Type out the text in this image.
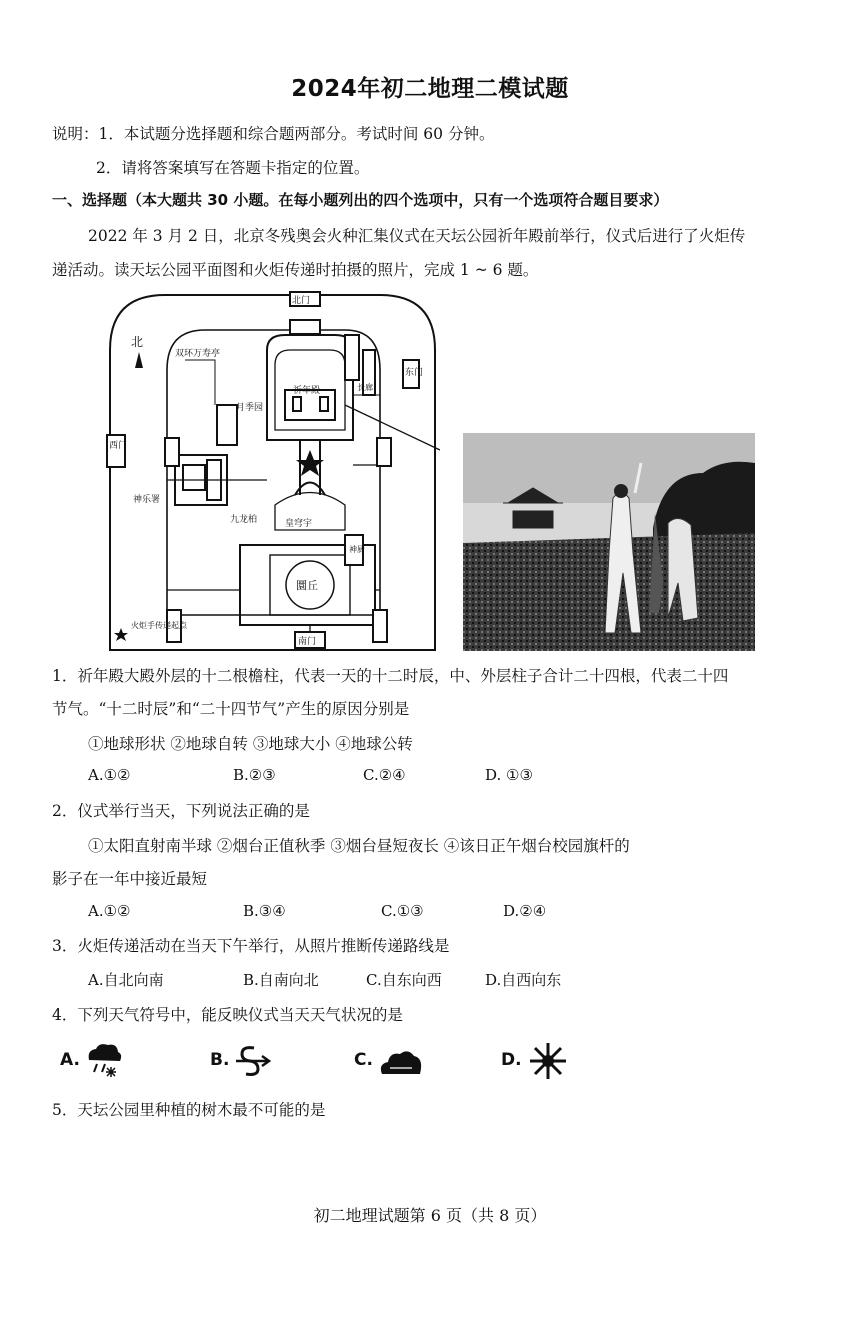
2024年初二地理二模试题
说明：1．本试题分选择题和综合题两部分。考试时间 60 分钟。
2．请将答案填写在答题卡指定的位置。
一、选择题（本大题共 30 小题。在每小题列出的四个选项中，只有一个选项符合题目要求）
2022 年 3 月 2 日，北京冬残奥会火种汇集仪式在天坛公园祈年殿前举行，仪式后进行了火炬传
递活动。读天坛公园平面图和火炬传递时拍摄的照片，完成 1 ~ 6 题。
北
北门
祈年殿
双环万寿亭
月季园
西门
东门
神乐署
九龙柏	皇穹宇
圜丘
南门
火炬手传递起点
神厨
长廊
1．祈年殿大殿外层的十二根檐柱，代表一天的十二时辰，中、外层柱子合计二十四根，代表二十四
节气。“十二时辰”和“二十四节气”产生的原因分别是
①地球形状 ②地球自转 ③地球大小 ④地球公转
A.①②	B.②③	C.②④	D. ①③
2．仪式举行当天，下列说法正确的是
①太阳直射南半球 ②烟台正值秋季 ③烟台昼短夜长 ④该日正午烟台校园旗杆的
影子在一年中接近最短
A.①②	B.③④	C.①③	D.②④
3．火炬传递活动在当天下午举行，从照片推断传递路线是
A.自北向南	B.自南向北	C.自东向西	D.自西向东
4．下列天气符号中，能反映仪式当天天气状况的是
A.	B.	C.	D.
5．天坛公园里种植的树木最不可能的是
初二地理试题第 6 页（共 8 页）
